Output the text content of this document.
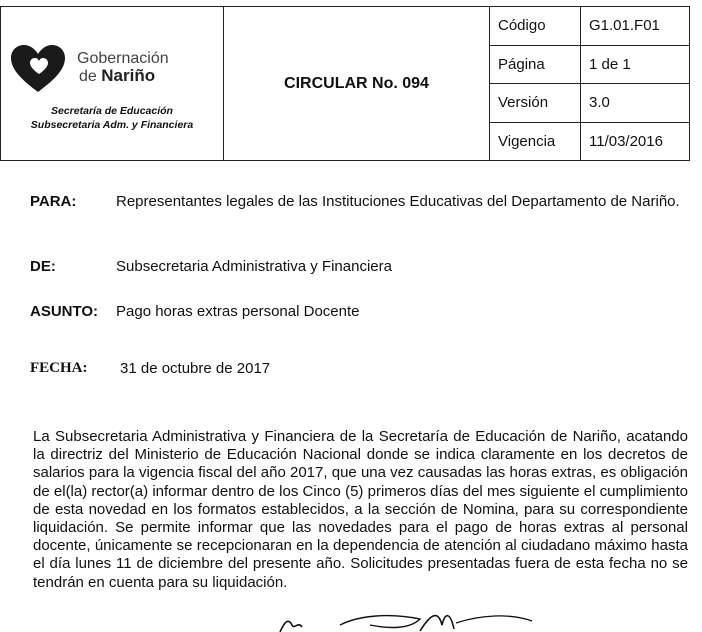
Gobernación
de Nariño
Secretaría de Educación
Subsecretaria Adm. y Financiera	CIRCULAR No. 094	Código	G1.01.F01
		Página	1 de 1
		Versión	3.0
		Vigencia	11/03/2016
PARA:	Representantes legales de las Instituciones Educativas del Departamento de Nariño.
DE:	Subsecretaria Administrativa y Financiera
ASUNTO: Pago horas extras personal Docente
FECHA: 31 de octubre de 2017
La Subsecretaria Administrativa y Financiera de la Secretaría de Educación de Nariño, acatando la directriz del Ministerio de Educación Nacional donde se indica claramente en los decretos de salarios para la vigencia fiscal del año 2017, que una vez causadas las horas extras, es obligación de el(la) rector(a) informar dentro de los Cinco (5) primeros días del mes siguiente el cumplimiento de esta novedad en los formatos establecidos, a la sección de Nomina, para su correspondiente liquidación. Se permite informar que las novedades para el pago de horas extras al personal docente, únicamente se recepcionaran en la dependencia de atención al ciudadano máximo hasta el día lunes 11 de diciembre del presente año. Solicitudes presentadas fuera de esta fecha no se tendrán en cuenta para su liquidación.
